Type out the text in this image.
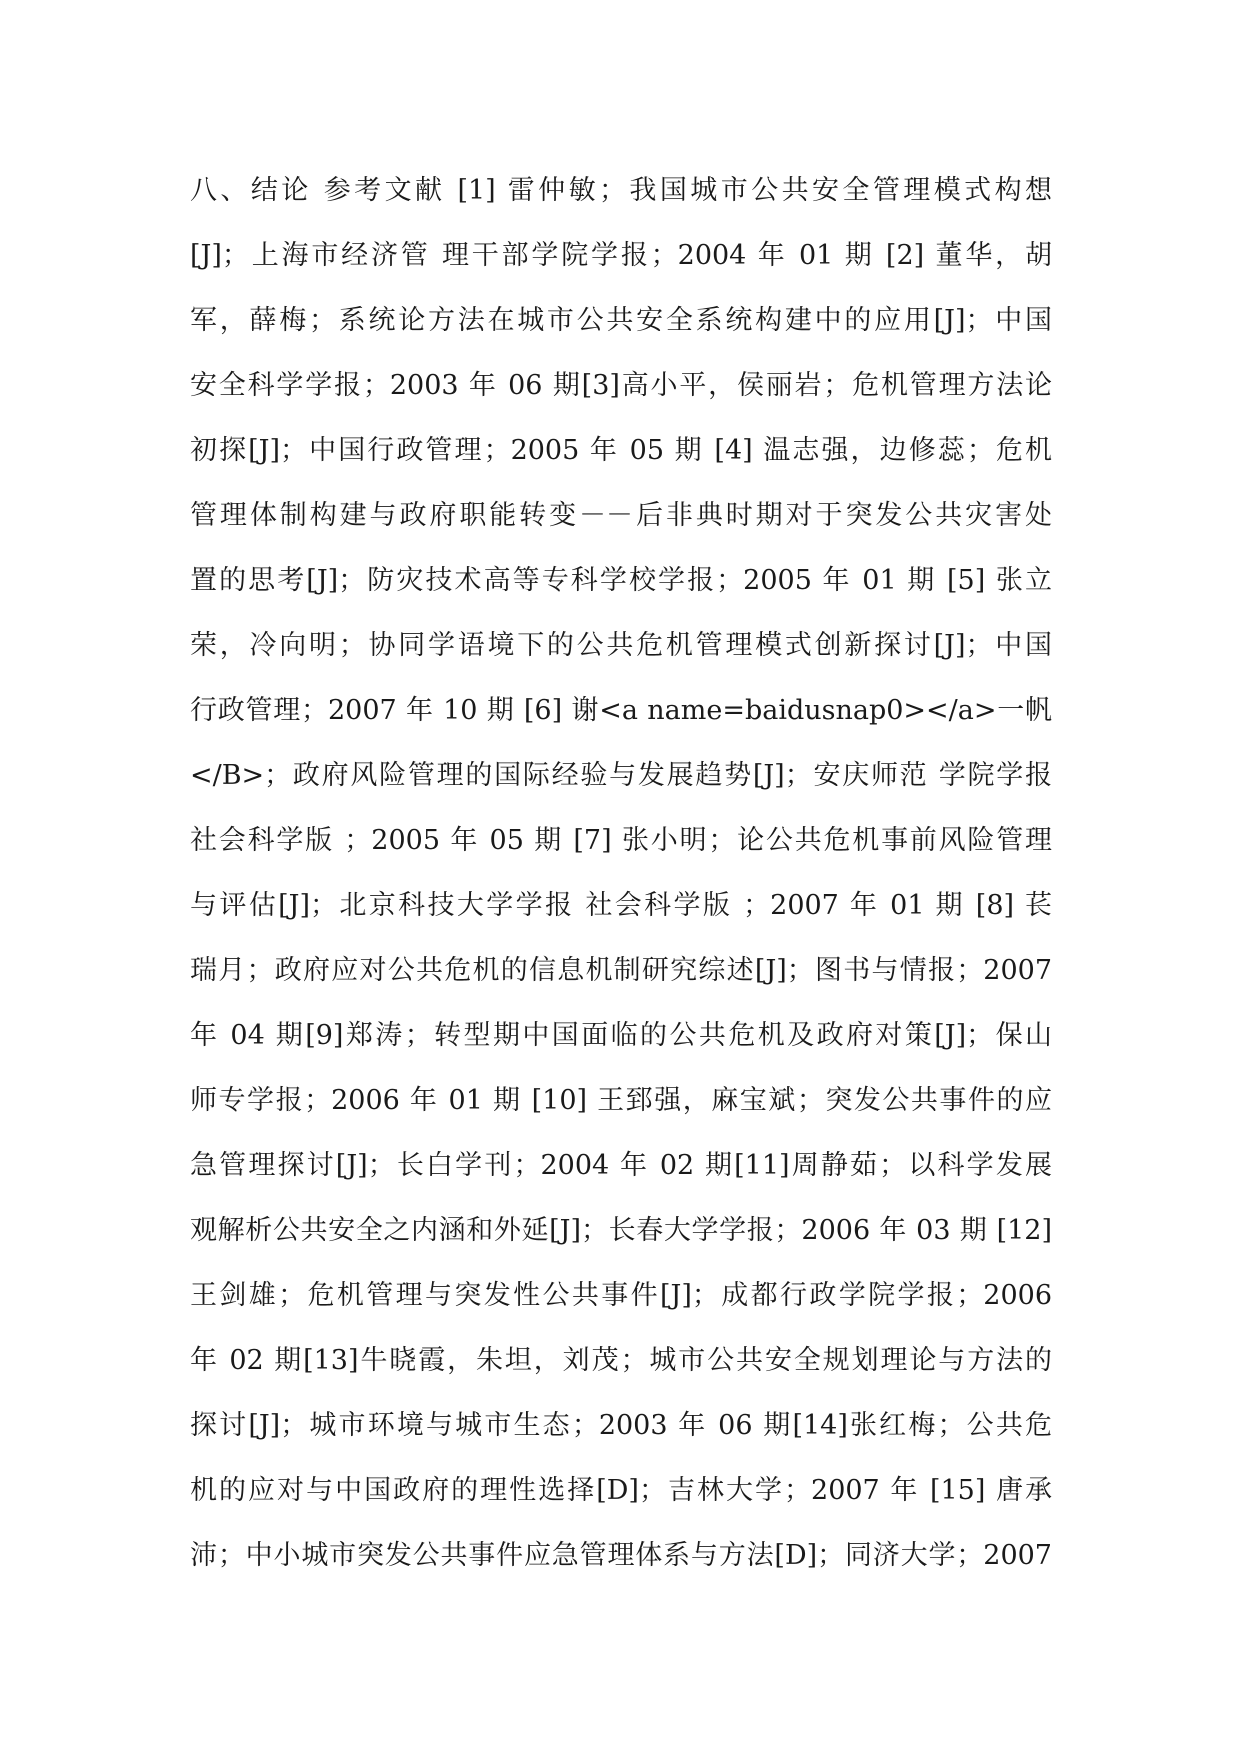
八、结论 参考文献 [1] 雷仲敏；我国城市公共安全管理模式构想
[J]；上海市经济管 理干部学院学报；2004 年 01 期 [2] 董华，胡
军，薛梅；系统论方法在城市公共安全系统构建中的应用[J]；中国
安全科学学报；2003 年 06 期[3]高小平，侯丽岩；危机管理方法论
初探[J]；中国行政管理；2005 年 05 期 [4] 温志强，边修蕊；危机
管理体制构建与政府职能转变－－后非典时期对于突发公共灾害处
置的思考[J]；防灾技术高等专科学校学报；2005 年 01 期 [5] 张立
荣，冷向明；协同学语境下的公共危机管理模式创新探讨[J]；中国
行政管理；2007 年 10 期 [6] 谢<a name=baidusnap0></a>一帆
</B>；政府风险管理的国际经验与发展趋势[J]；安庆师范 学院学报
社会科学版 ；2005 年 05 期 [7] 张小明；论公共危机事前风险管理
与评估[J]；北京科技大学学报 社会科学版 ；2007 年 01 期 [8] 苌
瑞月；政府应对公共危机的信息机制研究综述[J]；图书与情报；2007
年 04 期[9]郑涛；转型期中国面临的公共危机及政府对策[J]；保山
师专学报；2006 年 01 期 [10] 王郅强，麻宝斌；突发公共事件的应
急管理探讨[J]；长白学刊；2004 年 02 期[11]周静茹；以科学发展
观解析公共安全之内涵和外延[J]；长春大学学报；2006 年 03 期 [12]
王剑雄；危机管理与突发性公共事件[J]；成都行政学院学报；2006
年 02 期[13]牛晓霞，朱坦，刘茂；城市公共安全规划理论与方法的
探讨[J]；城市环境与城市生态；2003 年 06 期[14]张红梅；公共危
机的应对与中国政府的理性选择[D]；吉林大学；2007 年 [15] 唐承
沛；中小城市突发公共事件应急管理体系与方法[D]；同济大学；2007
